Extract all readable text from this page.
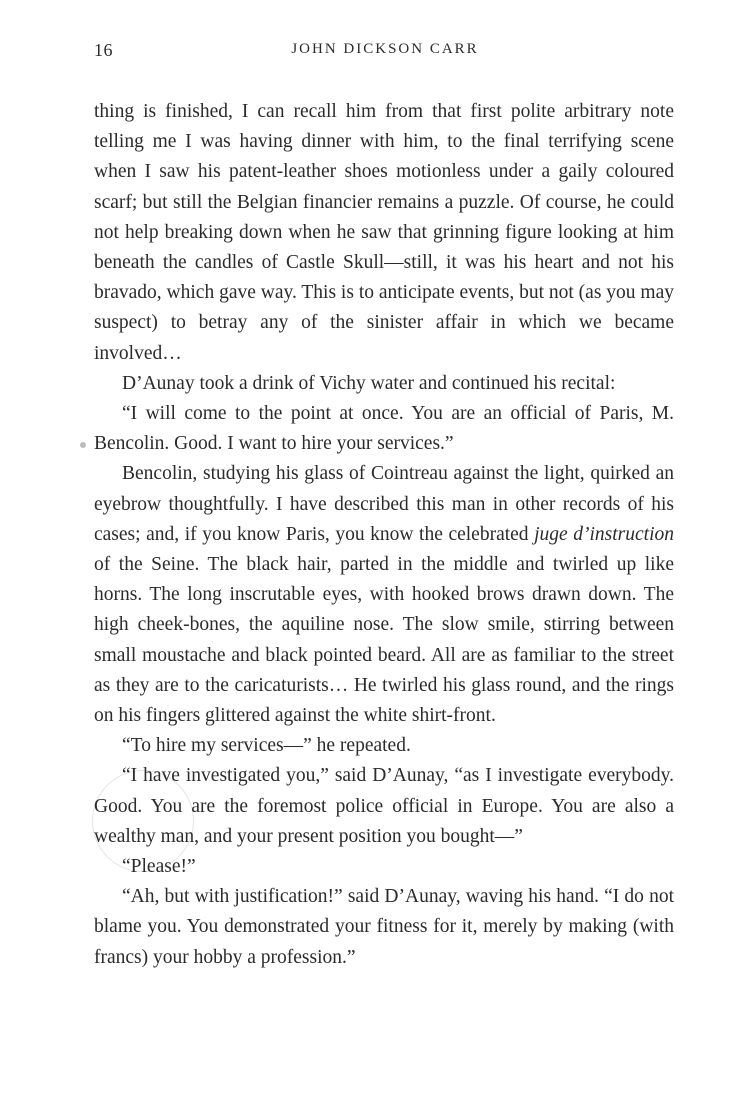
16	JOHN DICKSON CARR

thing is finished, I can recall him from that first polite arbitrary note telling me I was having dinner with him, to the final terrifying scene when I saw his patent-leather shoes motionless under a gaily coloured scarf; but still the Belgian financier remains a puzzle. Of course, he could not help breaking down when he saw that grinning figure looking at him beneath the candles of Castle Skull—still, it was his heart and not his bravado, which gave way. This is to anticipate events, but not (as you may suspect) to betray any of the sinister affair in which we became involved…

D’Aunay took a drink of Vichy water and continued his recital:

“I will come to the point at once. You are an official of Paris, M. Bencolin. Good. I want to hire your services.”

Bencolin, studying his glass of Cointreau against the light, quirked an eyebrow thoughtfully. I have described this man in other records of his cases; and, if you know Paris, you know the celebrated juge d’instruction of the Seine. The black hair, parted in the middle and twirled up like horns. The long inscrutable eyes, with hooked brows drawn down. The high cheek-bones, the aquiline nose. The slow smile, stirring between small moustache and black pointed beard. All are as familiar to the street as they are to the caricaturists… He twirled his glass round, and the rings on his fingers glittered against the white shirt-front.

“To hire my services—” he repeated.

“I have investigated you,” said D’Aunay, “as I investigate everybody. Good. You are the foremost police official in Europe. You are also a wealthy man, and your present position you bought—”

“Please!”

“Ah, but with justification!” said D’Aunay, waving his hand. “I do not blame you. You demonstrated your fitness for it, merely by making (with francs) your hobby a profession.”
